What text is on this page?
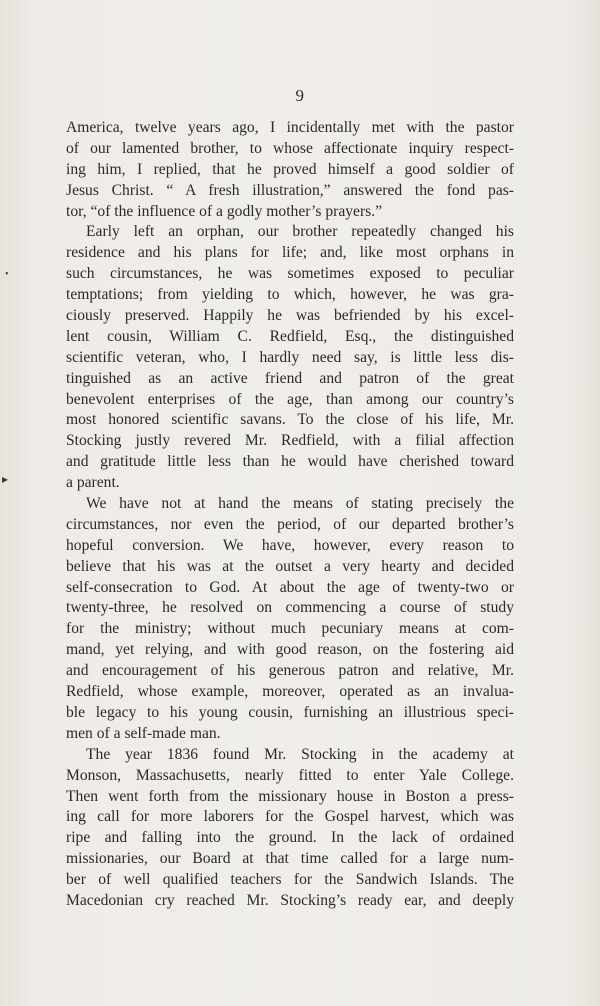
9
America, twelve years ago, I incidentally met with the pastor
of our lamented brother, to whose affectionate inquiry respect-
ing him, I replied, that he proved himself a good soldier of
Jesus Christ. “ A fresh illustration,” answered the fond pas-
tor, “of the influence of a godly mother’s prayers.”
Early left an orphan, our brother repeatedly changed his
residence and his plans for life; and, like most orphans in
such circumstances, he was sometimes exposed to peculiar
temptations; from yielding to which, however, he was gra-
ciously preserved. Happily he was befriended by his excel-
lent cousin, William C. Redfield, Esq., the distinguished
scientific veteran, who, I hardly need say, is little less dis-
tinguished as an active friend and patron of the great
benevolent enterprises of the age, than among our country’s
most honored scientific savans. To the close of his life, Mr.
Stocking justly revered Mr. Redfield, with a filial affection
and gratitude little less than he would have cherished toward
a parent.
We have not at hand the means of stating precisely the
circumstances, nor even the period, of our departed brother’s
hopeful conversion. We have, however, every reason to
believe that his was at the outset a very hearty and decided
self-consecration to God. At about the age of twenty-two or
twenty-three, he resolved on commencing a course of study
for the ministry; without much pecuniary means at com-
mand, yet relying, and with good reason, on the fostering aid
and encouragement of his generous patron and relative, Mr.
Redfield, whose example, moreover, operated as an invalua-
ble legacy to his young cousin, furnishing an illustrious speci-
men of a self-made man.
The year 1836 found Mr. Stocking in the academy at
Monson, Massachusetts, nearly fitted to enter Yale College.
Then went forth from the missionary house in Boston a press-
ing call for more laborers for the Gospel harvest, which was
ripe and falling into the ground. In the lack of ordained
missionaries, our Board at that time called for a large num-
ber of well qualified teachers for the Sandwich Islands. The
Macedonian cry reached Mr. Stocking’s ready ear, and deeply
•
▸
